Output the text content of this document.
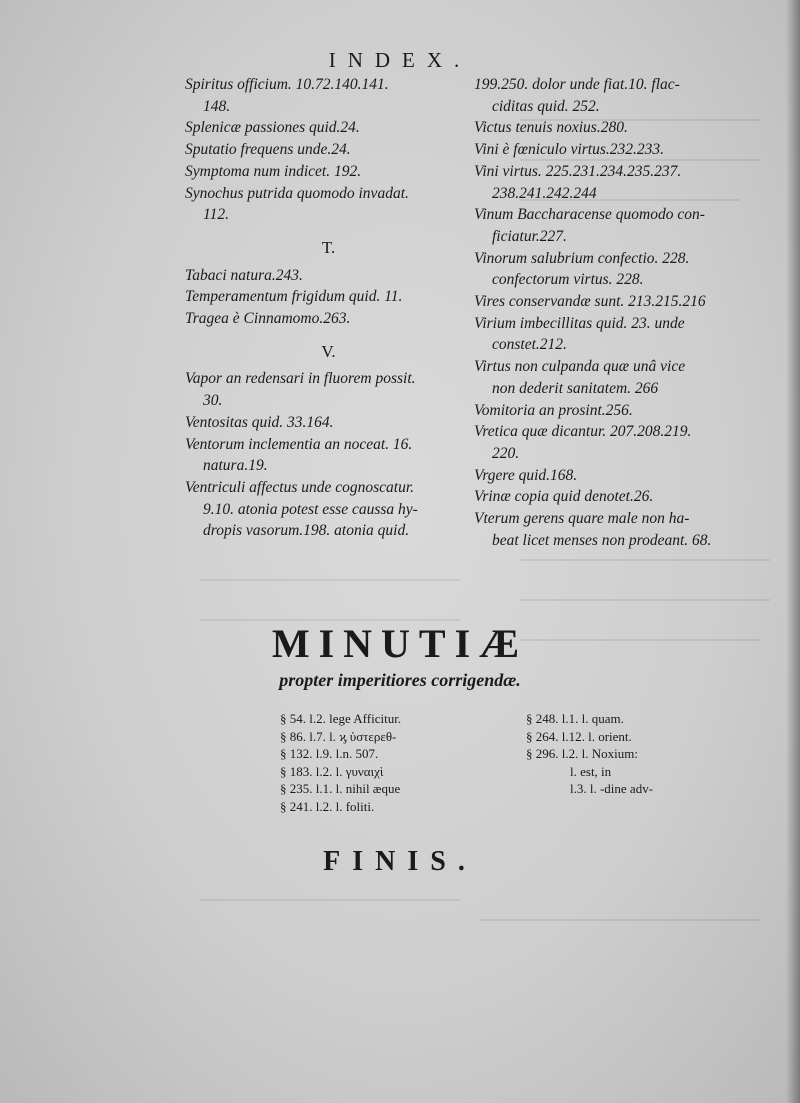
INDEX.
Spiritus officium. 10.72.140.141.
148.
Splenicæ passiones quid.24.
Sputatio frequens unde.24.
Symptoma num indicet. 192.
Synochus putrida quomodo invadat.
112.
T.
Tabaci natura.243.
Temperamentum frigidum quid. 11.
Tragea è Cinnamomo.263.
V.
Vapor an redensari in fluorem possit.
30.
Ventositas quid. 33.164.
Ventorum inclementia an noceat. 16.
natura.19.
Ventriculi affectus unde cognoscatur.
9.10. atonia potest esse caussa hy-
dropis vasorum.198. atonia quid.
199.250. dolor unde fiat.10. flac-
ciditas quid. 252.
Victus tenuis noxius.280.
Vini è fœniculo virtus.232.233.
Vini virtus. 225.231.234.235.237.
238.241.242.244
Vinum Baccharacense quomodo con-
ficiatur.227.
Vinorum salubrium confectio. 228.
confectorum virtus. 228.
Vires conservandæ sunt. 213.215.216
Virium imbecillitas quid. 23. unde
constet.212.
Virtus non culpanda quæ unâ vice
non dederit sanitatem. 266
Vomitoria an prosint.256.
Vretica quæ dicantur. 207.208.219.
220.
Vrgere quid.168.
Vrinæ copia quid denotet.26.
Vterum gerens quare male non ha-
beat licet menses non prodeant. 68.
MINUTIÆ
propter imperitiores corrigendæ.
§ 54. l.2. lege Afficitur.
§ 86. l.7. l. ϗ ὑστερεθ-
§ 132. l.9. l.n. 507.
§ 183. l.2. l. γυναιχὶ
§ 235. l.1. l. nihil æque
§ 241. l.2. l. foliti.
§ 248. l.1. l. quam.
§ 264. l.12. l. orient.
§ 296. l.2. l. Noxium:
l. est, in
l.3. l. -dine adv-
FINIS.
